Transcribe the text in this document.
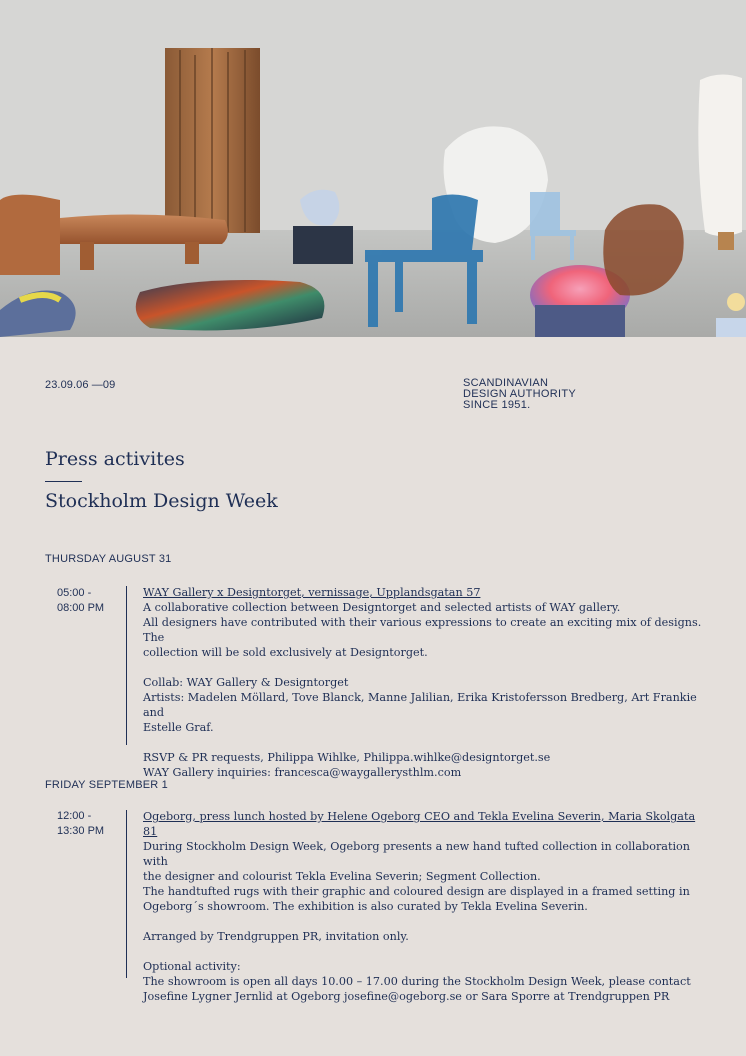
23.09.06 —09	SCANDINAVIAN
DESIGN AUTHORITY
SINCE 1951.
Press activites
Stockholm Design Week
THURSDAY AUGUST 31
05:00 -
08:00 PM

WAY Gallery x Designtorget, vernissage, Upplandsgatan 57

A collaborative collection between Designtorget and selected artists of WAY gallery.

All designers have contributed with their various expressions to create an exciting mix of designs. The

collection will be sold exclusively at Designtorget.

Collab: WAY Gallery & Designtorget

Artists: Madelen Möllard, Tove Blanck, Manne Jalilian, Erika Kristofersson Bredberg, Art Frankie and

Estelle Graf.

RSVP & PR requests, Philippa Wihlke, Philippa.wihlke@designtorget.se

WAY Gallery inquiries: francesca@waygallerysthlm.com

FRIDAY SEPTEMBER 1
12:00 -
13:30 PM

Ogeborg, press lunch hosted by Helene Ogeborg CEO and Tekla Evelina Severin, Maria Skolgata 81

During Stockholm Design Week, Ogeborg presents a new hand tufted collection in collaboration with

the designer and colourist Tekla Evelina Severin; Segment Collection.

The handtufted rugs with their graphic and coloured design are displayed in a framed setting in

Ogeborg´s showroom. The exhibition is also curated by Tekla Evelina Severin.

Arranged by Trendgruppen PR, invitation only.

Optional activity:

The showroom is open all days 10.00 – 17.00 during the Stockholm Design Week, please contact

Josefine Lygner Jernlid at Ogeborg josefine@ogeborg.se or Sara Sporre at Trendgruppen PR
